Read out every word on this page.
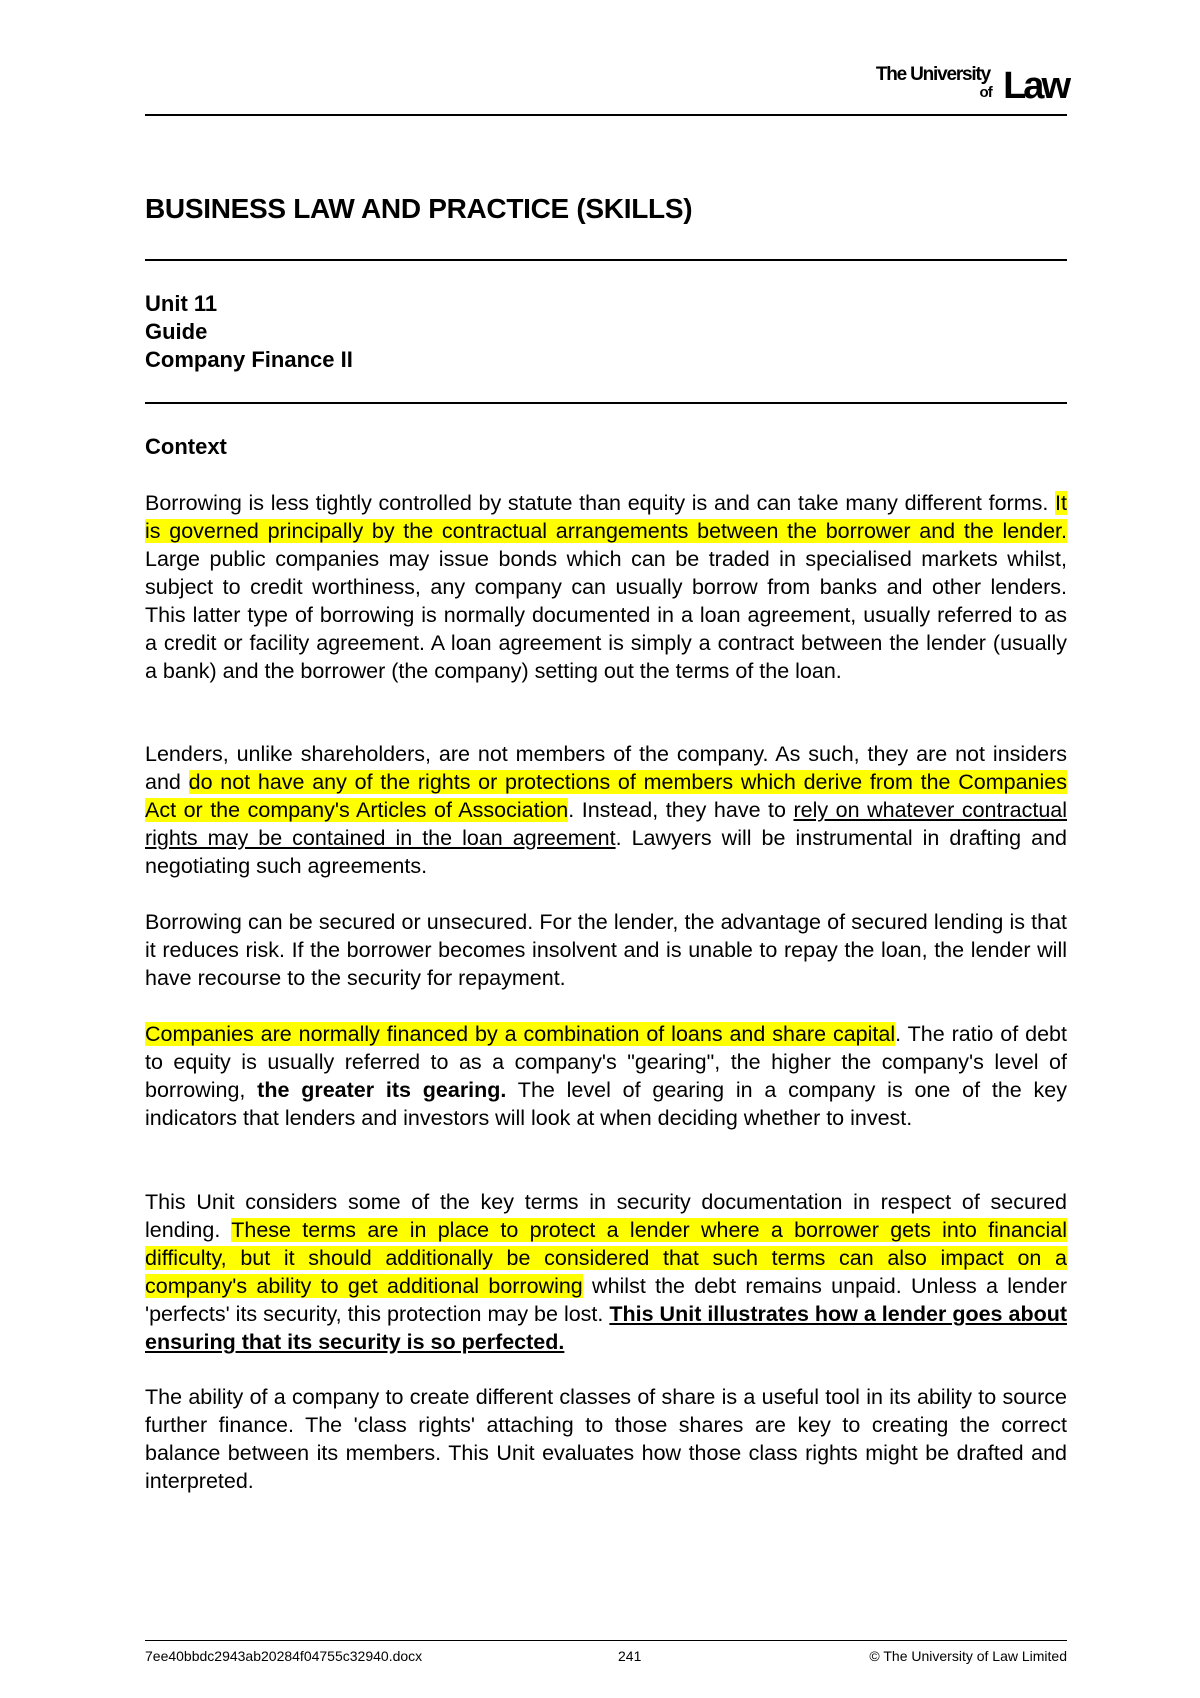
The University
of Law
BUSINESS LAW AND PRACTICE (SKILLS)
Unit 11
Guide
Company Finance II
Context

Borrowing is less tightly controlled by statute than equity is and can take many different forms. It is governed principally by the contractual arrangements between the borrower and the lender. Large public companies may issue bonds which can be traded in specialised markets whilst, subject to credit worthiness, any company can usually borrow from banks and other lenders. This latter type of borrowing is normally documented in a loan agreement, usually referred to as a credit or facility agreement. A loan agreement is simply a contract between the lender (usually a bank) and the borrower (the company) setting out the terms of the loan.

Lenders, unlike shareholders, are not members of the company. As such, they are not insiders and do not have any of the rights or protections of members which derive from the Companies Act or the company's Articles of Association. Instead, they have to rely on whatever contractual rights may be contained in the loan agreement. Lawyers will be instrumental in drafting and negotiating such agreements.

Borrowing can be secured or unsecured. For the lender, the advantage of secured lending is that it reduces risk. If the borrower becomes insolvent and is unable to repay the loan, the lender will have recourse to the security for repayment.

Companies are normally financed by a combination of loans and share capital. The ratio of debt to equity is usually referred to as a company's "gearing", the higher the company's level of borrowing, the greater its gearing. The level of gearing in a company is one of the key indicators that lenders and investors will look at when deciding whether to invest.

This Unit considers some of the key terms in security documentation in respect of secured lending. These terms are in place to protect a lender where a borrower gets into financial difficulty, but it should additionally be considered that such terms can also impact on a company's ability to get additional borrowing whilst the debt remains unpaid. Unless a lender 'perfects' its security, this protection may be lost. This Unit illustrates how a lender goes about ensuring that its security is so perfected.

The ability of a company to create different classes of share is a useful tool in its ability to source further finance. The 'class rights' attaching to those shares are key to creating the correct balance between its members. This Unit evaluates how those class rights might be drafted and interpreted.

7ee40bbdc2943ab20284f04755c32940.docx	241	© The University of Law Limited
